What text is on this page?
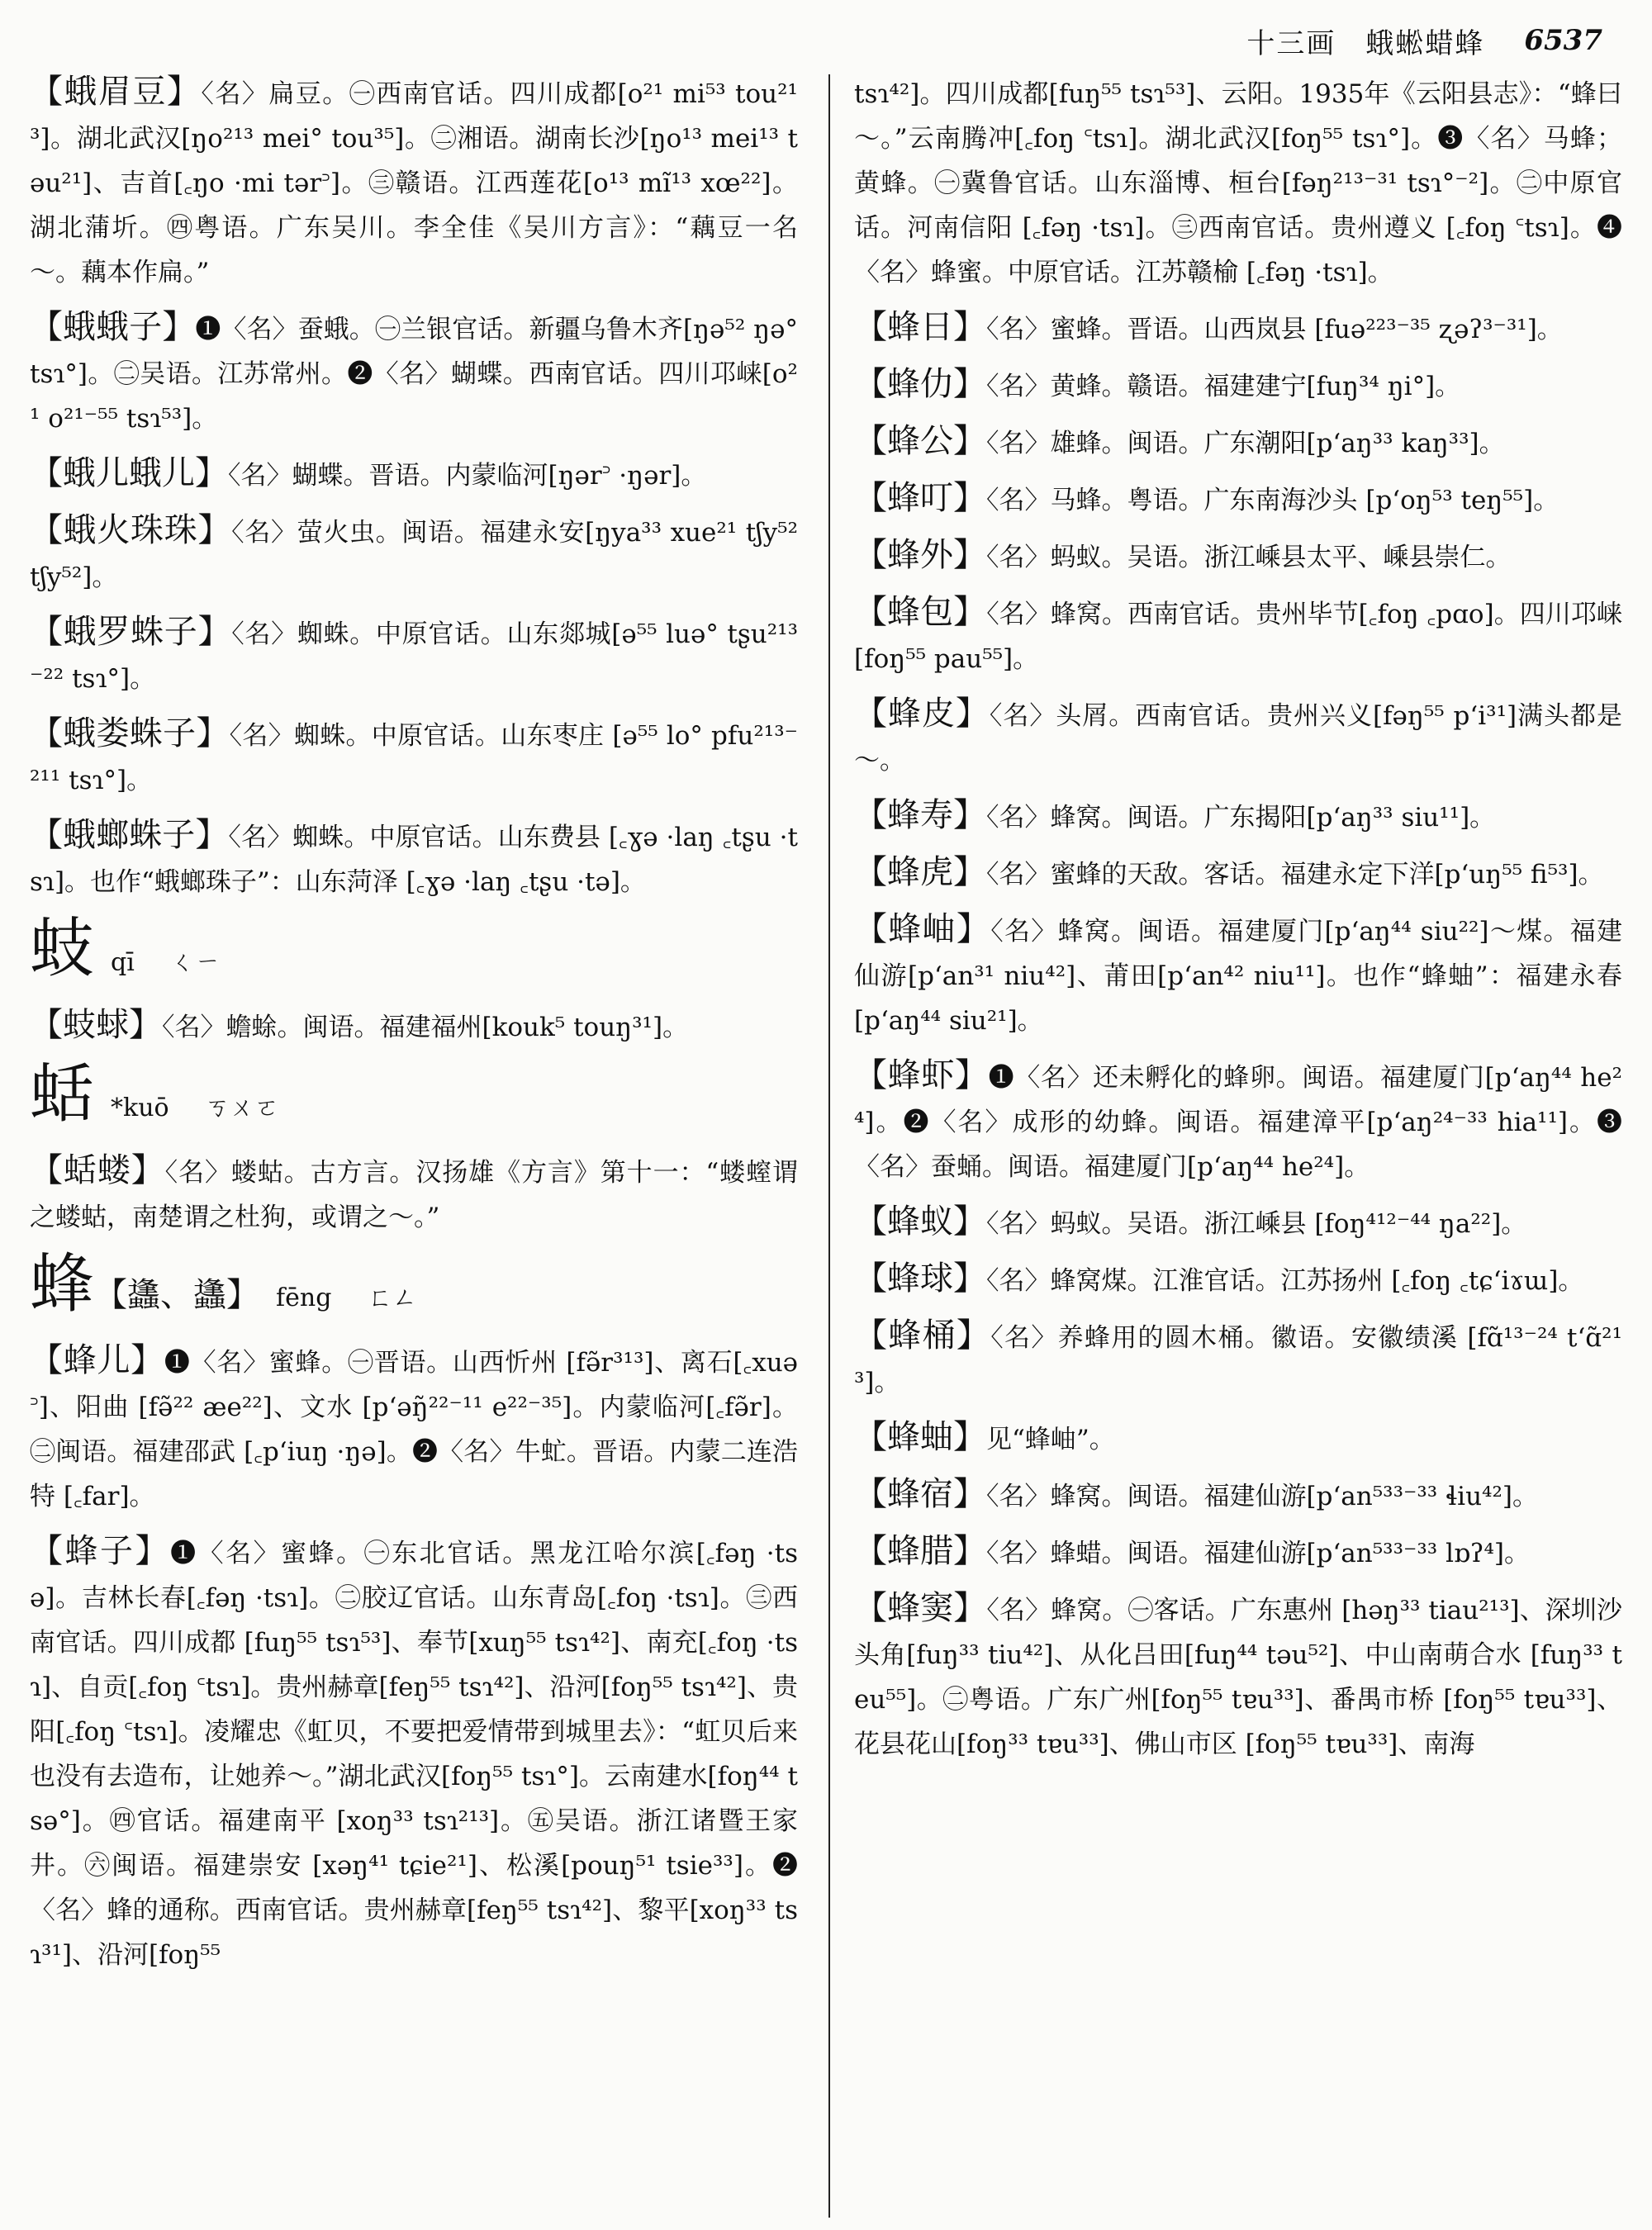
十三画　蛾蜙蜡蜂 6537
【蛾眉豆】〈名〉扁豆。㊀西南官话。四川成都[o²¹ mi⁵³ tou²¹³]。湖北武汉[ŋo²¹³ mei° tou³⁵]。㊁湘语。湖南长沙[ŋo¹³ mei¹³ təu²¹]、吉首[꜀ŋo ·mi tər꜄]。㊂赣语。江西莲花[o¹³ mĩ¹³ xœ²²]。湖北蒲圻。㊃粤语。广东吴川。李全佳《吴川方言》：“藕豆一名～。藕本作扁。”
【蛾蛾子】❶〈名〉蚕蛾。㊀兰银官话。新疆乌鲁木齐[ŋə⁵² ŋə° tsɿ°]。㊁吴语。江苏常州。❷〈名〉蝴蝶。西南官话。四川邛崃[o²¹ o²¹⁻⁵⁵ tsɿ⁵³]。
【蛾儿蛾儿】〈名〉蝴蝶。晋语。内蒙临河[ŋər꜄ ·ŋər]。
【蛾火珠珠】〈名〉萤火虫。闽语。福建永安[ŋya³³ xue²¹ tʃy⁵² tʃy⁵²]。
【蛾罗蛛子】〈名〉蜘蛛。中原官话。山东郯城[ə⁵⁵ luə° tʂu²¹³⁻²² tsɿ°]。
【蛾娄蛛子】〈名〉蜘蛛。中原官话。山东枣庄 [ə⁵⁵ lo° pfu²¹³⁻²¹¹ tsɿ°]。
【蛾螂蛛子】〈名〉蜘蛛。中原官话。山东费县 [꜀ɣə ·laŋ ꜀tʂu ·tsɿ]。也作“蛾螂珠子”：山东菏泽 [꜀ɣə ·laŋ ꜀tʂu ·tə]。
蚑qī ㄑㄧ
【蚑蛷】〈名〉蟾蜍。闽语。福建福州[kouk⁵ touŋ³¹]。
蛞 *kuō ㄎㄨㄛ
【蛞蝼】〈名〉蝼蛄。古方言。汉扬雄《方言》第十一：“蝼螲谓之蝼蛄，南楚谓之杜狗，或谓之～。”
蜂【蠭、蠭】 fēng ㄈㄥ
【蜂儿】❶〈名〉蜜蜂。㊀晋语。山西忻州 [fə̃r³¹³]、离石[꜀xuə꜄]、阳曲 [fə̃²² æe²²]、文水 [pʻəŋ̃²²⁻¹¹ e²²⁻³⁵]。内蒙临河[꜀fə̃r]。㊁闽语。福建邵武 [꜀pʻiuŋ ·ŋə]。❷〈名〉牛虻。晋语。内蒙二连浩特 [꜀far]。
【蜂子】❶〈名〉蜜蜂。㊀东北官话。黑龙江哈尔滨[꜀fəŋ ·tsə]。吉林长春[꜀fəŋ ·tsɿ]。㊁胶辽官话。山东青岛[꜀foŋ ·tsɿ]。㊂西南官话。四川成都 [fuŋ⁵⁵ tsɿ⁵³]、奉节[xuŋ⁵⁵ tsɿ⁴²]、南充[꜀foŋ ·tsɿ]、自贡[꜀foŋ ꜂tsɿ]。贵州赫章[feŋ⁵⁵ tsɿ⁴²]、沿河[foŋ⁵⁵ tsɿ⁴²]、贵阳[꜀foŋ ꜂tsɿ]。凌耀忠《虹贝，不要把爱情带到城里去》：“虹贝后来也没有去造布，让她养～。”湖北武汉[foŋ⁵⁵ tsɿ°]。云南建水[foŋ⁴⁴ tsə°]。㊃官话。福建南平 [xoŋ³³ tsɿ²¹³]。㊄吴语。浙江诸暨王家井。㊅闽语。福建崇安 [xəŋ⁴¹ tɕie²¹]、松溪[pouŋ⁵¹ tsie³³]。❷〈名〉蜂的通称。西南官话。贵州赫章[feŋ⁵⁵ tsɿ⁴²]、黎平[xoŋ³³ tsɿ³¹]、沿河[foŋ⁵⁵
tsɿ⁴²]。四川成都[fuŋ⁵⁵ tsɿ⁵³]、云阳。1935年《云阳县志》：“蜂曰～。”云南腾冲[꜀foŋ ꜂tsɿ]。湖北武汉[foŋ⁵⁵ tsɿ°]。❸〈名〉马蜂；黄蜂。㊀冀鲁官话。山东淄博、桓台[fəŋ²¹³⁻³¹ tsɿ°⁻²]。㊁中原官话。河南信阳 [꜀fəŋ ·tsɿ]。㊂西南官话。贵州遵义 [꜀foŋ ꜂tsɿ]。❹〈名〉蜂蜜。中原官话。江苏赣榆 [꜀fəŋ ·tsɿ]。
【蜂日】〈名〉蜜蜂。晋语。山西岚县 [fuə²²³⁻³⁵ ʐəʔ³⁻³¹]。
【蜂仂】〈名〉黄蜂。赣语。福建建宁[fuŋ³⁴ ŋi°]。
【蜂公】〈名〉雄蜂。闽语。广东潮阳[pʻaŋ³³ kaŋ³³]。
【蜂叮】〈名〉马蜂。粤语。广东南海沙头 [pʻoŋ⁵³ teŋ⁵⁵]。
【蜂外】〈名〉蚂蚁。吴语。浙江嵊县太平、嵊县崇仁。
【蜂包】〈名〉蜂窝。西南官话。贵州毕节[꜀foŋ ꜀pɑo]。四川邛崃[foŋ⁵⁵ pau⁵⁵]。
【蜂皮】〈名〉头屑。西南官话。贵州兴义[fəŋ⁵⁵ pʻi³¹]满头都是～。
【蜂寿】〈名〉蜂窝。闽语。广东揭阳[pʻaŋ³³ siu¹¹]。
【蜂虎】〈名〉蜜蜂的天敌。客话。福建永定下洋[pʻuŋ⁵⁵ fi⁵³]。
【蜂岫】〈名〉蜂窝。闽语。福建厦门[pʻaŋ⁴⁴ siu²²]～煤。福建仙游[pʻan³¹ niu⁴²]、莆田[pʻan⁴² niu¹¹]。也作“蜂蚰”：福建永春[pʻaŋ⁴⁴ siu²¹]。
【蜂虾】❶〈名〉还未孵化的蜂卵。闽语。福建厦门[pʻaŋ⁴⁴ he²⁴]。❷〈名〉成形的幼蜂。闽语。福建漳平[pʻaŋ²⁴⁻³³ hia¹¹]。❸〈名〉蚕蛹。闽语。福建厦门[pʻaŋ⁴⁴ he²⁴]。
【蜂蚁】〈名〉蚂蚁。吴语。浙江嵊县 [foŋ⁴¹²⁻⁴⁴ ŋa²²]。
【蜂球】〈名〉蜂窝煤。江淮官话。江苏扬州 [꜀foŋ ꜀tɕʻiɤɯ]。
【蜂桶】〈名〉养蜂用的圆木桶。徽语。安徽绩溪 [fɑ̃¹³⁻²⁴ tʻɑ̃²¹³]。
【蜂蚰】见“蜂岫”。
【蜂宿】〈名〉蜂窝。闽语。福建仙游[pʻan⁵³³⁻³³ ɬiu⁴²]。
【蜂腊】〈名〉蜂蜡。闽语。福建仙游[pʻan⁵³³⁻³³ lɒʔ⁴]。
【蜂窦】〈名〉蜂窝。㊀客话。广东惠州 [həŋ³³ tiau²¹³]、深圳沙头角[fuŋ³³ tiu⁴²]、从化吕田[fuŋ⁴⁴ təu⁵²]、中山南萌合水 [fuŋ³³ teu⁵⁵]。㊁粤语。广东广州[foŋ⁵⁵ tɐu³³]、番禺市桥 [foŋ⁵⁵ tɐu³³]、花县花山[foŋ³³ tɐu³³]、佛山市区 [foŋ⁵⁵ tɐu³³]、南海
